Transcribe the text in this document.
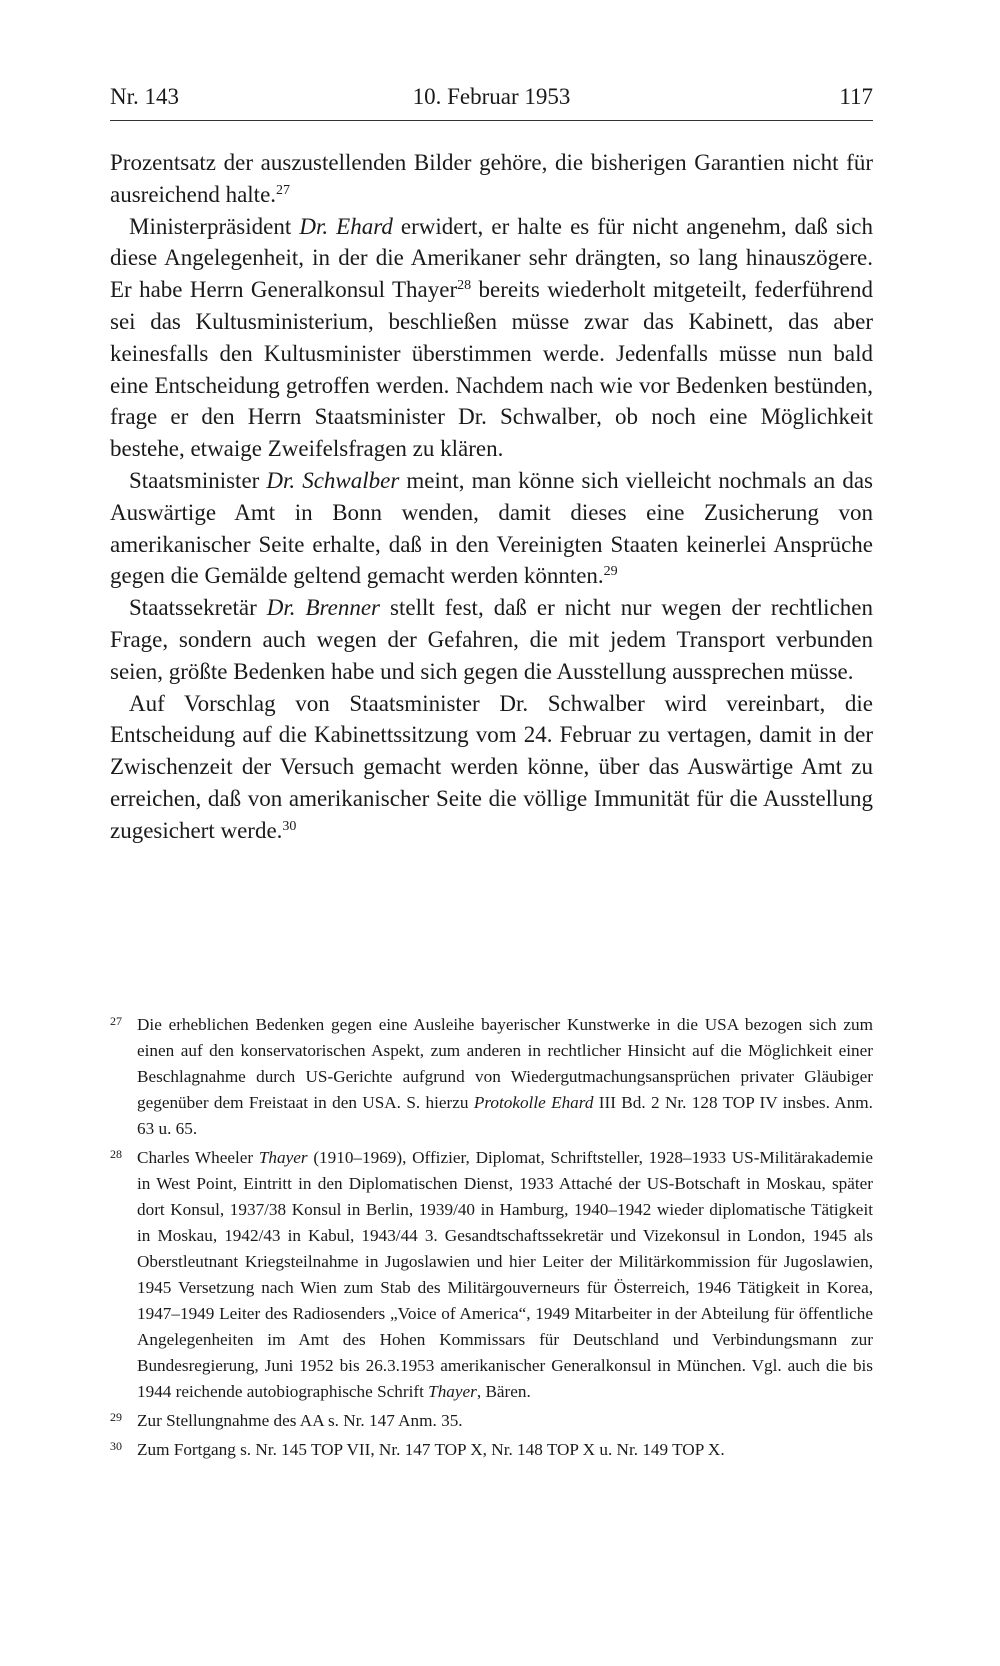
Nr. 143	10. Februar 1953	117

Prozentsatz der auszustellenden Bilder gehöre, die bisherigen Garantien nicht für ausreichend halte.$^{27}$

Ministerpräsident Dr. Ehard erwidert, er halte es für nicht angenehm, daß sich diese Angelegenheit, in der die Amerikaner sehr drängten, so lang hinauszögere. Er habe Herrn Generalkonsul Thayer$^{28}$ bereits wiederholt mitgeteilt, federführend sei das Kultusministerium, beschließen müsse zwar das Kabinett, das aber keinesfalls den Kultusminister überstimmen werde. Jedenfalls müsse nun bald eine Entscheidung getroffen werden. Nachdem nach wie vor Bedenken bestünden, frage er den Herrn Staatsminister Dr. Schwalber, ob noch eine Möglichkeit bestehe, etwaige Zweifelsfragen zu klären.

Staatsminister Dr. Schwalber meint, man könne sich vielleicht nochmals an das Auswärtige Amt in Bonn wenden, damit dieses eine Zusicherung von amerikanischer Seite erhalte, daß in den Vereinigten Staaten keinerlei Ansprüche gegen die Gemälde geltend gemacht werden könnten.$^{29}$

Staatssekretär Dr. Brenner stellt fest, daß er nicht nur wegen der rechtlichen Frage, sondern auch wegen der Gefahren, die mit jedem Transport verbunden seien, größte Bedenken habe und sich gegen die Ausstellung aussprechen müsse.

Auf Vorschlag von Staatsminister Dr. Schwalber wird vereinbart, die Entscheidung auf die Kabinettssitzung vom 24. Februar zu vertagen, damit in der Zwischenzeit der Versuch gemacht werden könne, über das Auswärtige Amt zu erreichen, daß von amerikanischer Seite die völlige Immunität für die Ausstellung zugesichert werde.$^{30}$

27 Die erheblichen Bedenken gegen eine Ausleihe bayerischer Kunstwerke in die USA bezogen sich zum einen auf den konservatorischen Aspekt, zum anderen in rechtlicher Hinsicht auf die Möglichkeit einer Beschlagnahme durch US-Gerichte aufgrund von Wiedergutmachungsansprüchen privater Gläubiger gegenüber dem Freistaat in den USA. S. hierzu Protokolle Ehard III Bd. 2 Nr. 128 TOP IV insbes. Anm. 63 u. 65.
28 Charles Wheeler Thayer (1910–1969), Offizier, Diplomat, Schriftsteller, 1928–1933 US-Militärakademie in West Point, Eintritt in den Diplomatischen Dienst, 1933 Attaché der US-Botschaft in Moskau, später dort Konsul, 1937/38 Konsul in Berlin, 1939/40 in Hamburg, 1940–1942 wieder diplomatische Tätigkeit in Moskau, 1942/43 in Kabul, 1943/44 3. Gesandtschaftssekretär und Vizekonsul in London, 1945 als Oberstleutnant Kriegsteilnahme in Jugoslawien und hier Leiter der Militärkommission für Jugoslawien, 1945 Versetzung nach Wien zum Stab des Militärgouverneurs für Österreich, 1946 Tätigkeit in Korea, 1947–1949 Leiter des Radiosenders „Voice of America“, 1949 Mitarbeiter in der Abteilung für öffentliche Angelegenheiten im Amt des Hohen Kommissars für Deutschland und Verbindungsmann zur Bundesregierung, Juni 1952 bis 26.3.1953 amerikanischer Generalkonsul in München. Vgl. auch die bis 1944 reichende autobiographische Schrift Thayer, Bären.
29 Zur Stellungnahme des AA s. Nr. 147 Anm. 35.
30 Zum Fortgang s. Nr. 145 TOP VII, Nr. 147 TOP X, Nr. 148 TOP X u. Nr. 149 TOP X.
